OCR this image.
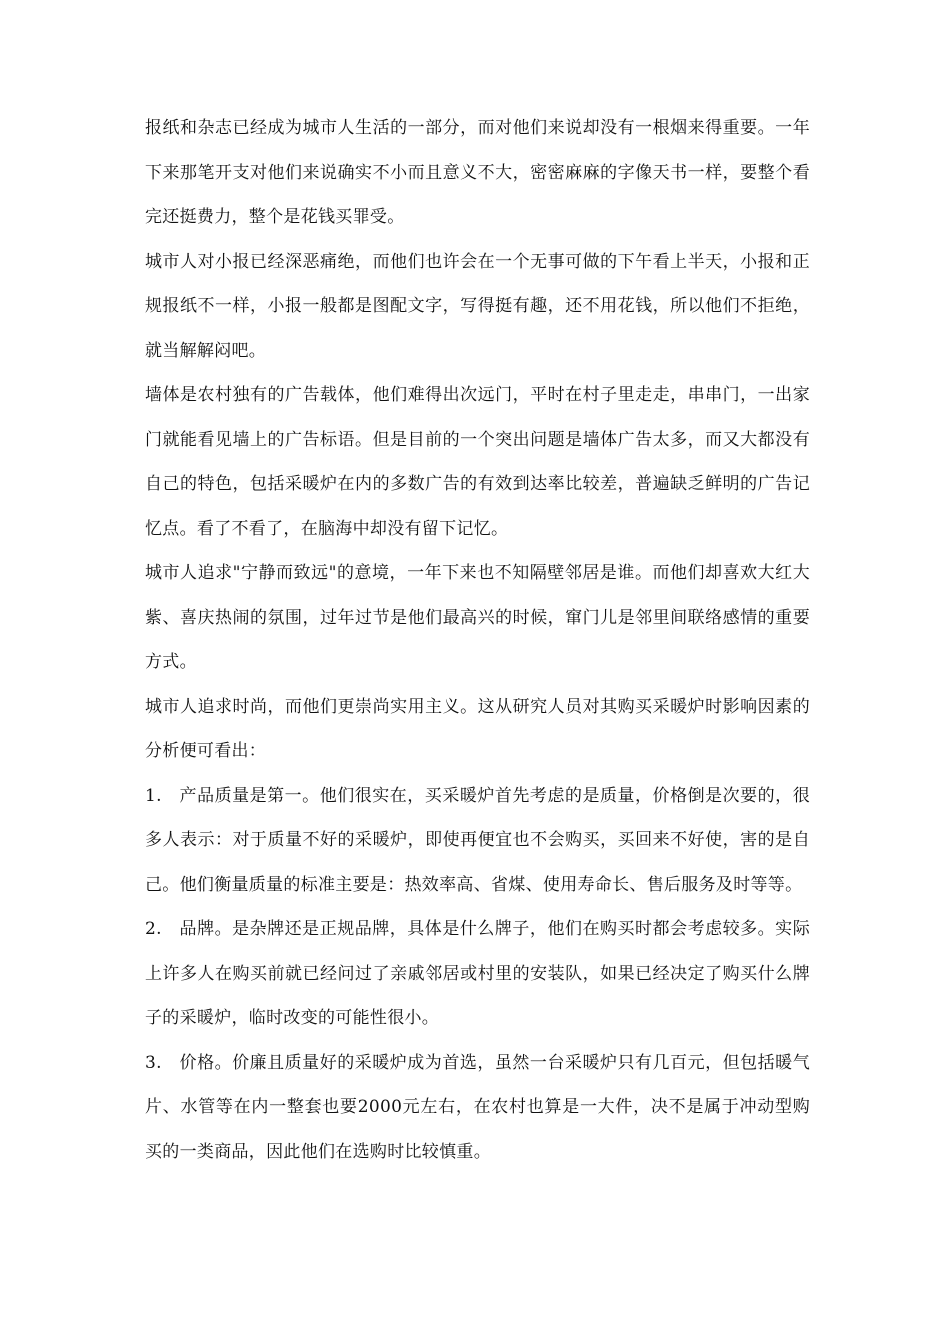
报纸和杂志已经成为城市人生活的一部分，而对他们来说却没有一根烟来得重要。一年下来那笔开支对他们来说确实不小而且意义不大，密密麻麻的字像天书一样，要整个看完还挺费力，整个是花钱买罪受。

城市人对小报已经深恶痛绝，而他们也许会在一个无事可做的下午看上半天，小报和正规报纸不一样，小报一般都是图配文字，写得挺有趣，还不用花钱，所以他们不拒绝，就当解解闷吧。

墙体是农村独有的广告载体，他们难得出次远门，平时在村子里走走，串串门，一出家门就能看见墙上的广告标语。但是目前的一个突出问题是墙体广告太多，而又大都没有自己的特色，包括采暖炉在内的多数广告的有效到达率比较差，普遍缺乏鲜明的广告记忆点。看了不看了，在脑海中却没有留下记忆。

城市人追求"宁静而致远"的意境，一年下来也不知隔壁邻居是谁。而他们却喜欢大红大紫、喜庆热闹的氛围，过年过节是他们最高兴的时候，窜门儿是邻里间联络感情的重要方式。

城市人追求时尚，而他们更崇尚实用主义。这从研究人员对其购买采暖炉时影响因素的分析便可看出：

1.　产品质量是第一。他们很实在，买采暖炉首先考虑的是质量，价格倒是次要的，很多人表示：对于质量不好的采暖炉，即使再便宜也不会购买，买回来不好使，害的是自己。他们衡量质量的标准主要是：热效率高、省煤、使用寿命长、售后服务及时等等。

2.　品牌。是杂牌还是正规品牌，具体是什么牌子，他们在购买时都会考虑较多。实际上许多人在购买前就已经问过了亲戚邻居或村里的安装队，如果已经决定了购买什么牌子的采暖炉，临时改变的可能性很小。

3.　价格。价廉且质量好的采暖炉成为首选，虽然一台采暖炉只有几百元，但包括暖气片、水管等在内一整套也要2000元左右，在农村也算是一大件，决不是属于冲动型购买的一类商品，因此他们在选购时比较慎重。
